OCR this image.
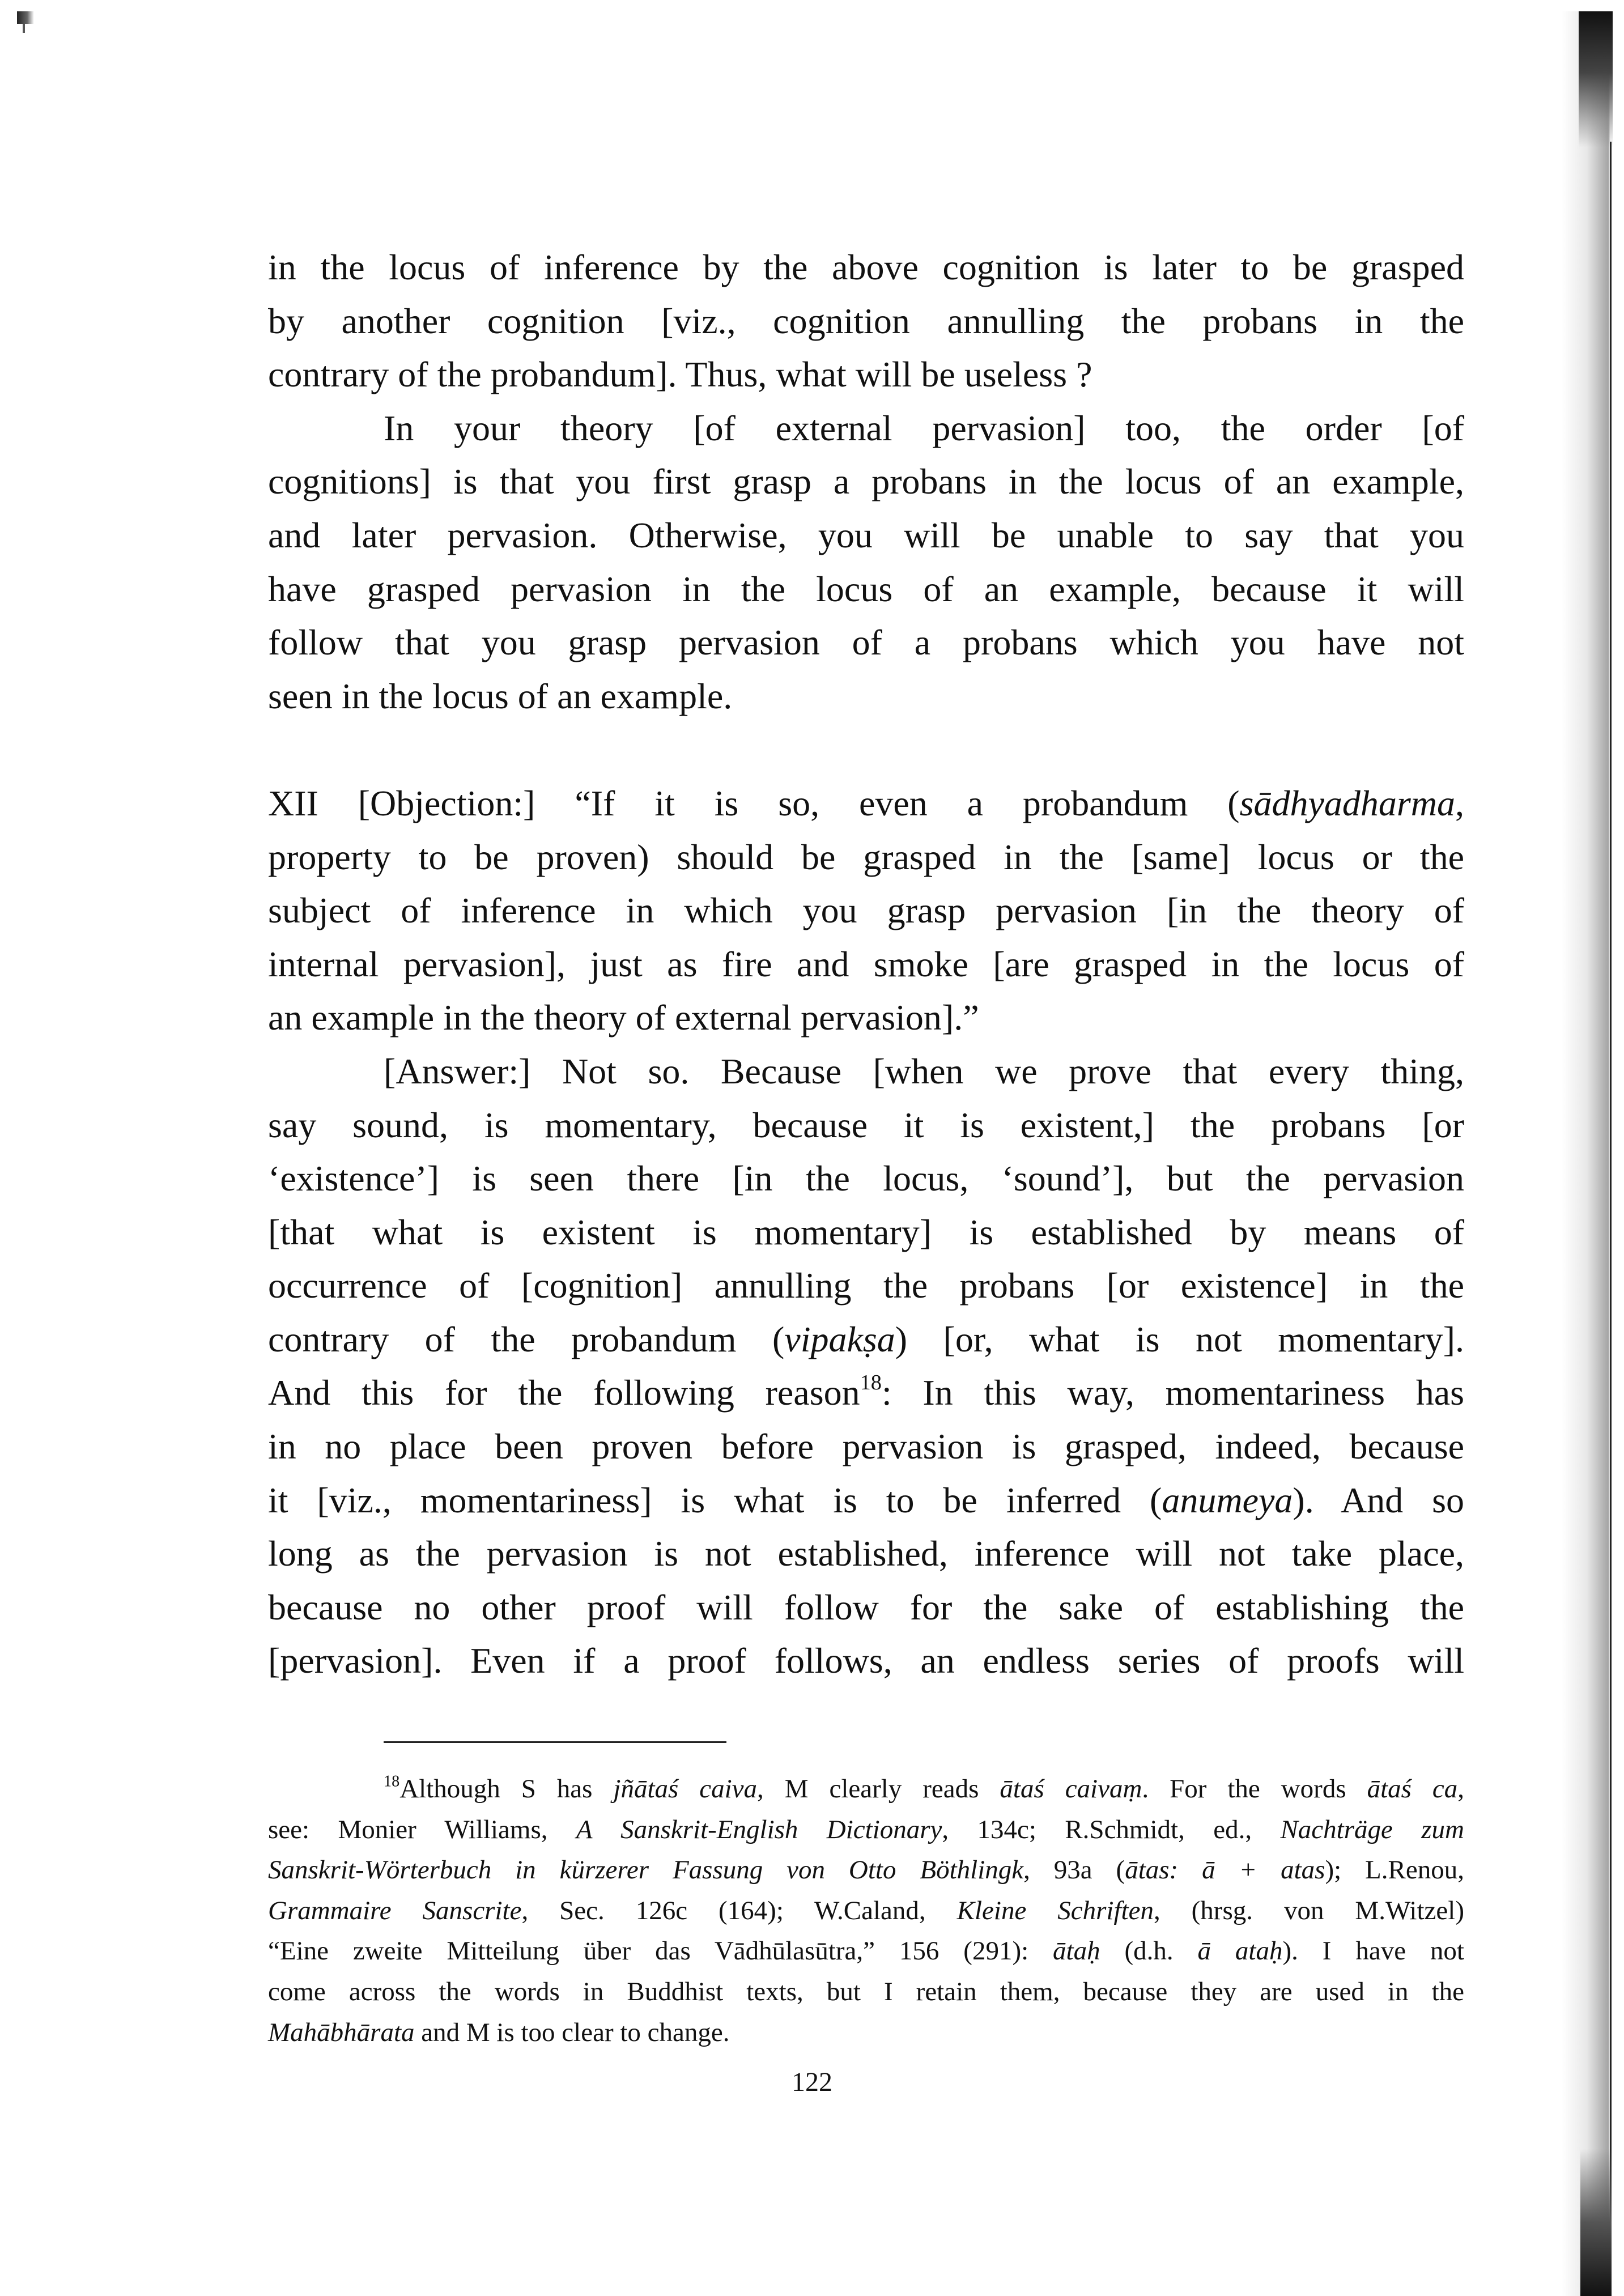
in the locus of inference by the above cognition is later to be grasped
by another cognition [viz., cognition annulling the probans in the
contrary of the probandum]. Thus, what will be useless ?
In your theory [of external pervasion] too, the order [of
cognitions] is that you first grasp a probans in the locus of an example,
and later pervasion. Otherwise, you will be unable to say that you
have grasped pervasion in the locus of an example, because it will
follow that you grasp pervasion of a probans which you have not
seen in the locus of an example.
XII [Objection:] “If it is so, even a probandum (sādhyadharma,
property to be proven) should be grasped in the [same] locus or the
subject of inference in which you grasp pervasion [in the theory of
internal pervasion], just as fire and smoke [are grasped in the locus of
an example in the theory of external pervasion].”
[Answer:] Not so. Because [when we prove that every thing,
say sound, is momentary, because it is existent,] the probans [or
‘existence’] is seen there [in the locus, ‘sound’], but the pervasion
[that what is existent is momentary] is established by means of
occurrence of [cognition] annulling the probans [or existence] in the
contrary of the probandum (vipakṣa) [or, what is not momentary].
And this for the following reason$^{18}$: In this way, momentariness has
in no place been proven before pervasion is grasped, indeed, because
it [viz., momentariness] is what is to be inferred (anumeya). And so
long as the pervasion is not established, inference will not take place,
because no other proof will follow for the sake of establishing the
[pervasion]. Even if a proof follows, an endless series of proofs will
$^{18}$Although S has jñātaś caiva, M clearly reads ātaś caivaṃ. For the words ātaś ca,
see: Monier Williams, A Sanskrit-English Dictionary, 134c; R.Schmidt, ed., Nachträge zum
Sanskrit-Wörterbuch in kürzerer Fassung von Otto Böthlingk, 93a (ātas: ā + atas); L.Renou,
Grammaire Sanscrite, Sec. 126c (164); W.Caland, Kleine Schriften, (hrsg. von M.Witzel)
“Eine zweite Mitteilung über das Vādhūlasūtra,” 156 (291): ātaḥ (d.h. ā ataḥ). I have not
come across the words in Buddhist texts, but I retain them, because they are used in the
Mahābhārata and M is too clear to change.
122
